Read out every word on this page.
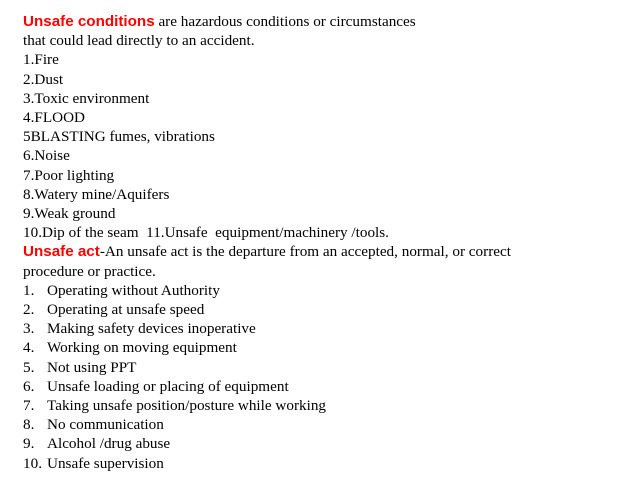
Unsafe conditions are hazardous conditions or circumstances
that could lead directly to an accident.
1.Fire
2.Dust
3.Toxic environment
4.FLOOD
5BLASTING fumes, vibrations
6.Noise
7.Poor lighting
8.Watery mine/Aquifers
9.Weak ground
10.Dip of the seam  11.Unsafe  equipment/machinery /tools.
Unsafe act-An unsafe act is the departure from an accepted, normal, or correct
procedure or practice.
1. Operating without Authority
2. Operating at unsafe speed
3. Making safety devices inoperative
4. Working on moving equipment
5. Not using PPT
6. Unsafe loading or placing of equipment
7. Taking unsafe position/posture while working
8. No communication
9. Alcohol /drug abuse
10. Unsafe supervision
